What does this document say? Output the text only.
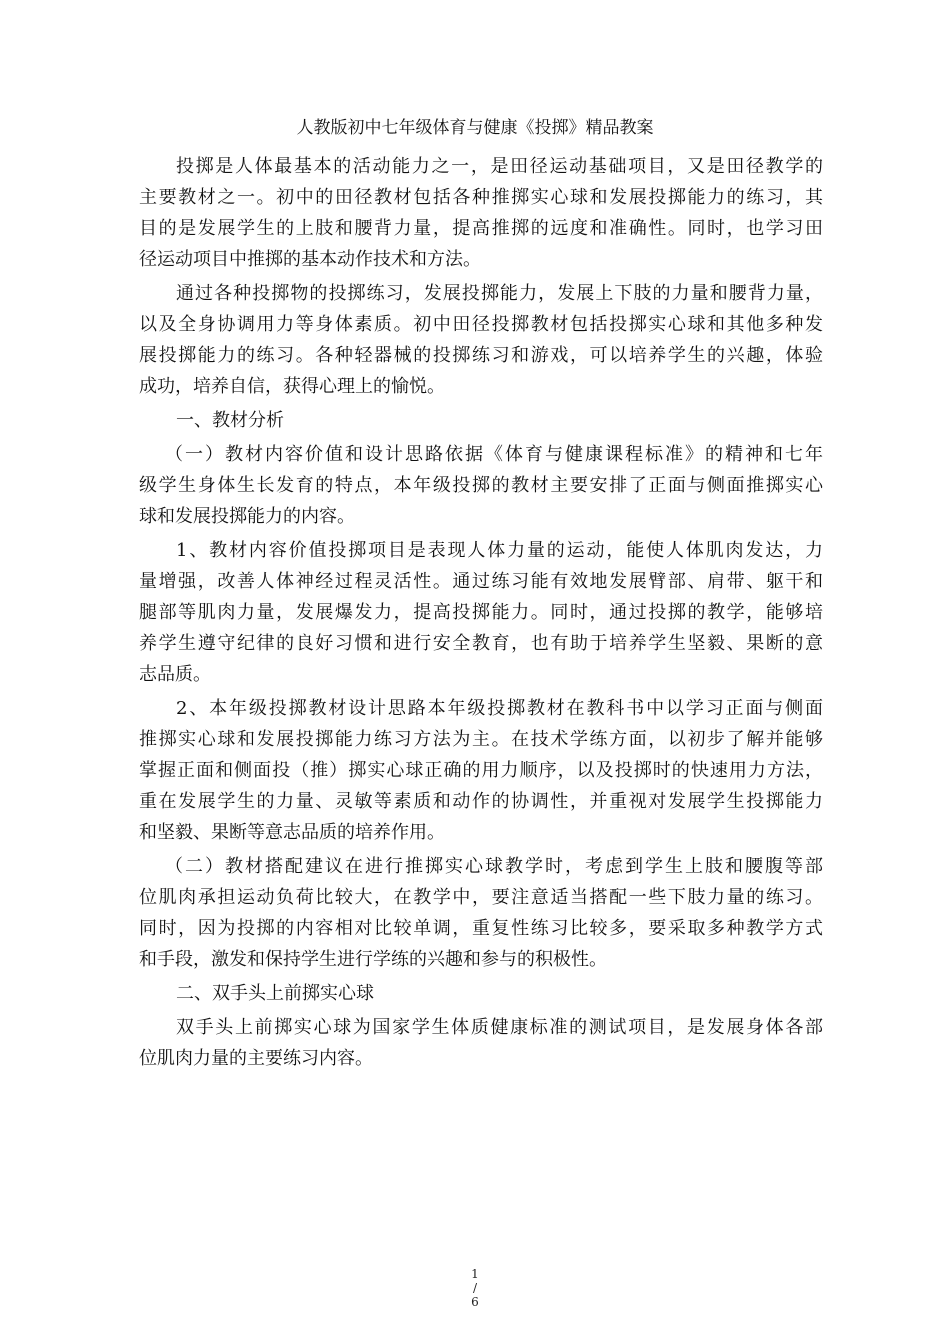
人教版初中七年级体育与健康《投掷》精品教案
投掷是人体最基本的活动能力之一，是田径运动基础项目，又是田径教学的
主要教材之一。初中的田径教材包括各种推掷实心球和发展投掷能力的练习，其
目的是发展学生的上肢和腰背力量，提高推掷的远度和准确性。同时，也学习田
径运动项目中推掷的基本动作技术和方法。
通过各种投掷物的投掷练习，发展投掷能力，发展上下肢的力量和腰背力量，
以及全身协调用力等身体素质。初中田径投掷教材包括投掷实心球和其他多种发
展投掷能力的练习。各种轻器械的投掷练习和游戏，可以培养学生的兴趣，体验
成功，培养自信，获得心理上的愉悦。
一、教材分析
（一）教材内容价值和设计思路依据《体育与健康课程标准》的精神和七年
级学生身体生长发育的特点，本年级投掷的教材主要安排了正面与侧面推掷实心
球和发展投掷能力的内容。
1、教材内容价值投掷项目是表现人体力量的运动，能使人体肌肉发达，力
量增强，改善人体神经过程灵活性。通过练习能有效地发展臂部、肩带、躯干和
腿部等肌肉力量，发展爆发力，提高投掷能力。同时，通过投掷的教学，能够培
养学生遵守纪律的良好习惯和进行安全教育，也有助于培养学生坚毅、果断的意
志品质。
2、本年级投掷教材设计思路本年级投掷教材在教科书中以学习正面与侧面
推掷实心球和发展投掷能力练习方法为主。在技术学练方面，以初步了解并能够
掌握正面和侧面投（推）掷实心球正确的用力顺序，以及投掷时的快速用力方法，
重在发展学生的力量、灵敏等素质和动作的协调性，并重视对发展学生投掷能力
和坚毅、果断等意志品质的培养作用。
（二）教材搭配建议在进行推掷实心球教学时，考虑到学生上肢和腰腹等部
位肌肉承担运动负荷比较大，在教学中，要注意适当搭配一些下肢力量的练习。
同时，因为投掷的内容相对比较单调，重复性练习比较多，要采取多种教学方式
和手段，激发和保持学生进行学练的兴趣和参与的积极性。
二、双手头上前掷实心球
双手头上前掷实心球为国家学生体质健康标准的测试项目，是发展身体各部
位肌肉力量的主要练习内容。
1
/
6
